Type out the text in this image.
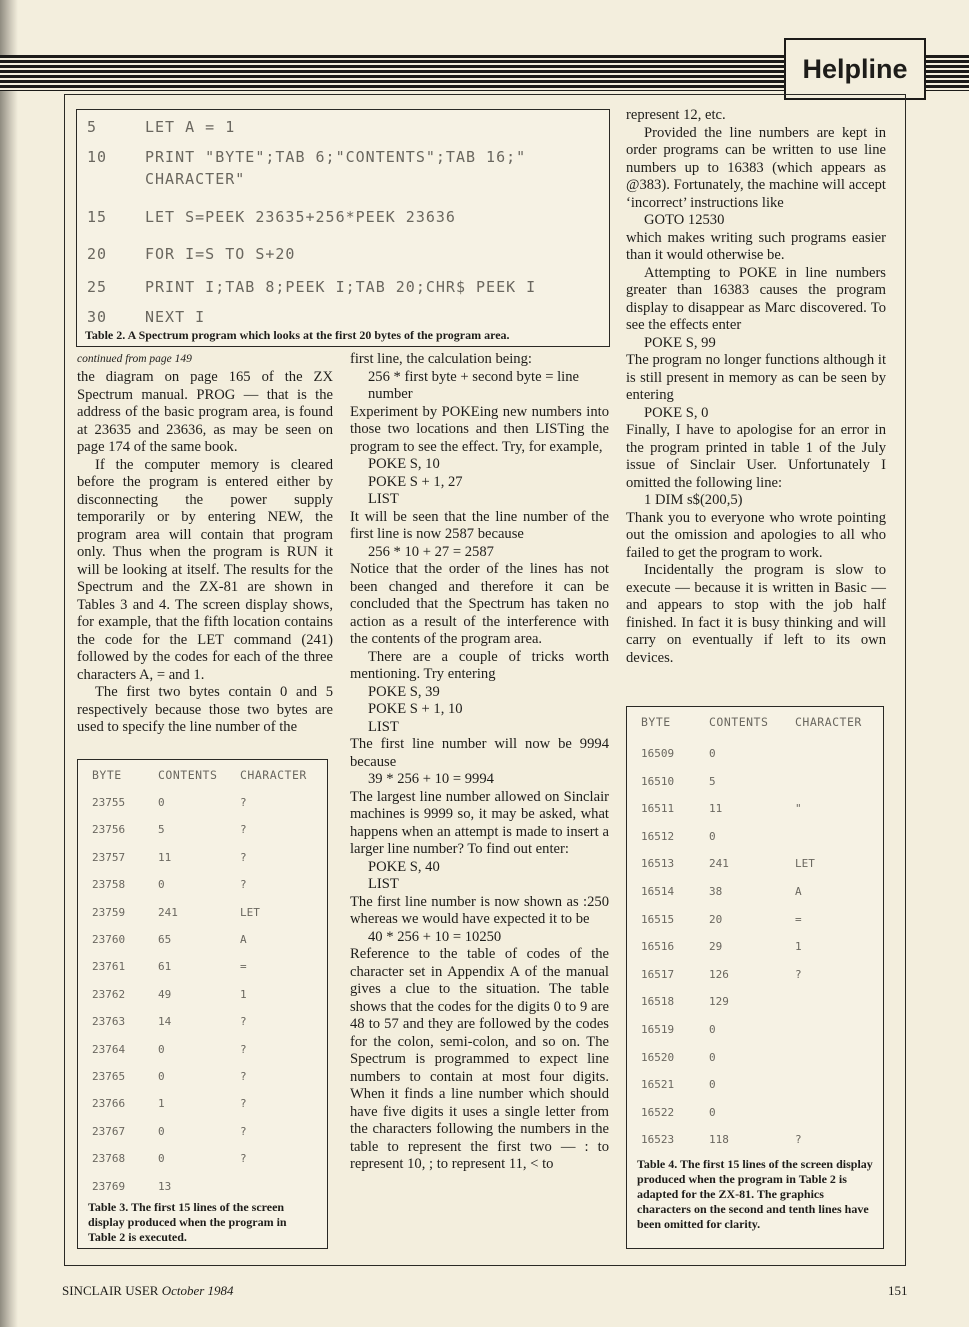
Helpline
5	LET A = 1
10	PRINT "BYTE";TAB 6;"CONTENTS";TAB 16;"
CHARACTER"
15	LET S=PEEK 23635+256*PEEK 23636
20	FOR I=S TO S+20
25	PRINT I;TAB 8;PEEK I;TAB 20;CHR$ PEEK I
30	NEXT I
Table 2. A Spectrum program which looks at the first 20 bytes of the program area.
continued from page 149

the diagram on page 165 of the ZX Spectrum manual. PROG — that is the address of the basic program area, is found at 23635 and 23636, as may be seen on page 174 of the same book.

If the computer memory is cleared before the program is entered either by disconnecting the power supply temporarily or by entering NEW, the program area will contain that program only. Thus when the program is RUN it will be looking at itself. The results for the Spectrum and the ZX-81 are shown in Tables 3 and 4. The screen display shows, for example, that the fifth location contains the code for the LET command (241) followed by the codes for each of the three characters A, = and 1.

The first two bytes contain 0 and 5 respectively because those two bytes are used to specify the line number of the

first line, the calculation being:

256 * first byte + second byte = line number

Experiment by POKEing new numbers into those two locations and then LISTing the program to see the effect. Try, for example,

POKE S, 10

POKE S + 1, 27

LIST

It will be seen that the line number of the first line is now 2587 because

256 * 10 + 27 = 2587

Notice that the order of the lines has not been changed and therefore it can be concluded that the Spectrum has taken no action as a result of the interference with the contents of the program area.

There are a couple of tricks worth mentioning. Try entering

POKE S, 39

POKE S + 1, 10

LIST

The first line number will now be 9994 because

39 * 256 + 10 = 9994

The largest line number allowed on Sinclair machines is 9999 so, it may be asked, what happens when an attempt is made to insert a larger line number? To find out enter:

POKE S, 40

LIST

The first line number is now shown as :250 whereas we would have expected it to be

40 * 256 + 10 = 10250

Reference to the table of codes of the character set in Appendix A of the manual gives a clue to the situation. The table shows that the codes for the digits 0 to 9 are 48 to 57 and they are followed by the codes for the colon, semi-colon, and so on. The Spectrum is programmed to expect line numbers to contain at most four digits. When it finds a line number which should have five digits it uses a single letter from the characters following the numbers in the table to represent the first two — : to represent 10, ; to represent 11, < to

represent 12, etc.

Provided the line numbers are kept in order programs can be written to use line numbers up to 16383 (which appears as @383). Fortunately, the machine will accept ‘incorrect’ instructions like

GOTO 12530

which makes writing such programs easier than it would otherwise be.

Attempting to POKE in line numbers greater than 16383 causes the program display to disappear as Marc discovered. To see the effects enter

POKE S, 99

The program no longer functions although it is still present in memory as can be seen by entering

POKE S, 0

Finally, I have to apologise for an error in the program printed in table 1 of the July issue of Sinclair User. Unfortunately I omitted the following line:

1 DIM s$(200,5)

Thank you to everyone who wrote pointing out the omission and apologies to all who failed to get the program to work.

Incidentally the program is slow to execute — because it is written in Basic — and appears to stop with the job half finished. In fact it is busy thinking and will carry on eventually if left to its own devices.

BYTE	CONTENTS CHARACTER
23755	0	?
23756	5	?
23757	11	?
23758	0	?
23759	241	LET
23760	65	A
23761	61	=
23762	49	1
23763	14	?
23764	0	?
23765	0	?
23766	1	?
23767	0	?
23768	0	?
23769	13
Table 3. The first 15 lines of the screen display produced when the program in Table 2 is executed.
BYTE	CONTENTS CHARACTER
16509	0
16510	5
16511	11	"
16512	0
16513	241	LET
16514	38	A
16515	20	=
16516	29	1
16517	126	?
16518	129
16519	0
16520	0
16521	0
16522	0
16523	118	?
Table 4. The first 15 lines of the screen display produced when the program in Table 2 is adapted for the ZX-81. The graphics characters on the second and tenth lines have been omitted for clarity.
SINCLAIR USER October 1984	151
